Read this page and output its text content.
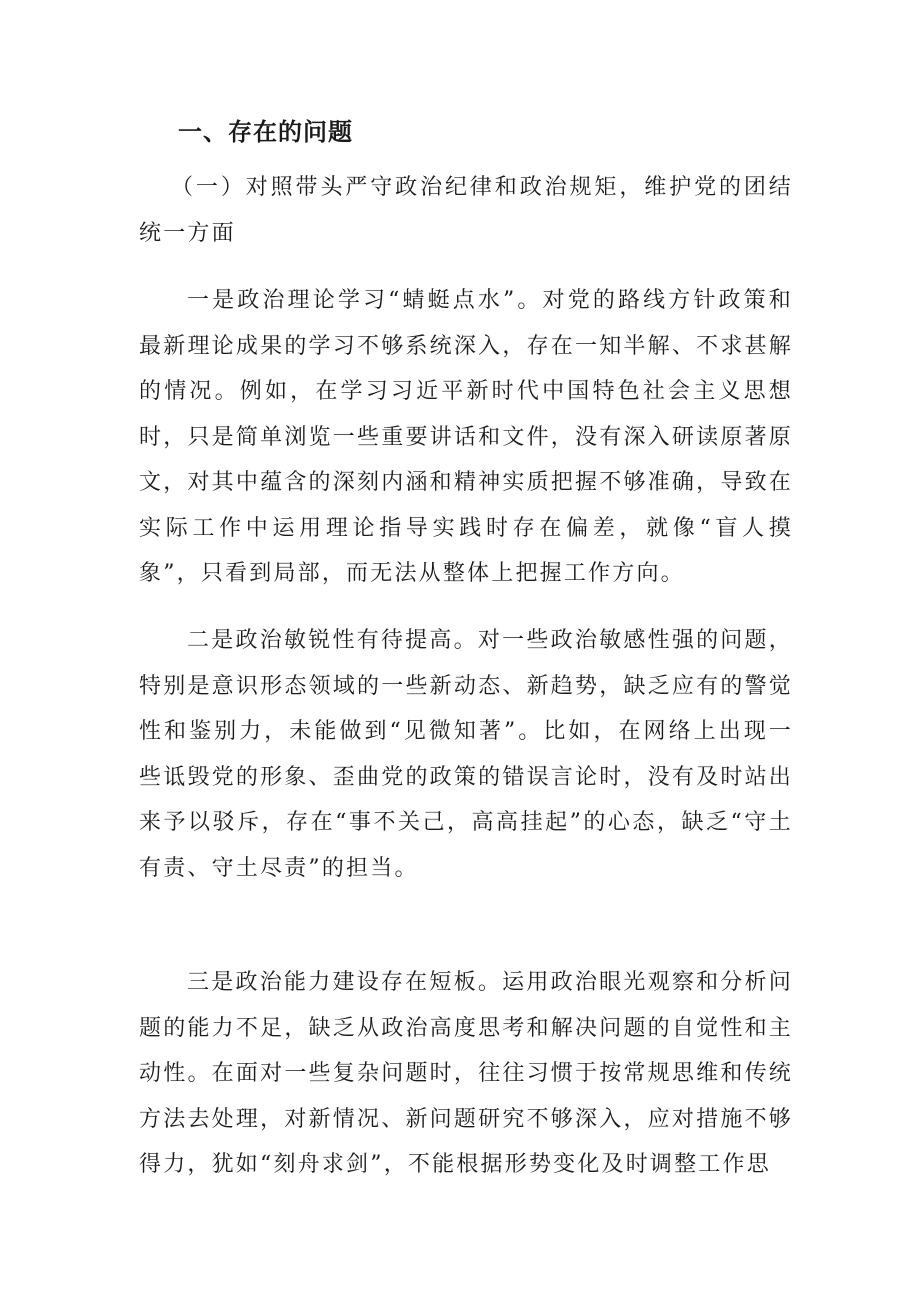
一、存在的问题

（一）对照带头严守政治纪律和政治规矩，维护党的团结统一方面

一是政治理论学习“蜻蜓点水”。对党的路线方针政策和最新理论成果的学习不够系统深入，存在一知半解、不求甚解的情况。例如，在学习习近平新时代中国特色社会主义思想时，只是简单浏览一些重要讲话和文件，没有深入研读原著原文，对其中蕴含的深刻内涵和精神实质把握不够准确，导致在实际工作中运用理论指导实践时存在偏差，就像“盲人摸象”，只看到局部，而无法从整体上把握工作方向。

二是政治敏锐性有待提高。对一些政治敏感性强的问题，特别是意识形态领域的一些新动态、新趋势，缺乏应有的警觉性和鉴别力，未能做到“见微知著”。比如，在网络上出现一些诋毁党的形象、歪曲党的政策的错误言论时，没有及时站出来予以驳斥，存在“事不关己，高高挂起”的心态，缺乏“守土有责、守土尽责”的担当。

三是政治能力建设存在短板。运用政治眼光观察和分析问题的能力不足，缺乏从政治高度思考和解决问题的自觉性和主动性。在面对一些复杂问题时，往往习惯于按常规思维和传统方法去处理，对新情况、新问题研究不够深入，应对措施不够得力，犹如“刻舟求剑”，不能根据形势变化及时调整工作思
